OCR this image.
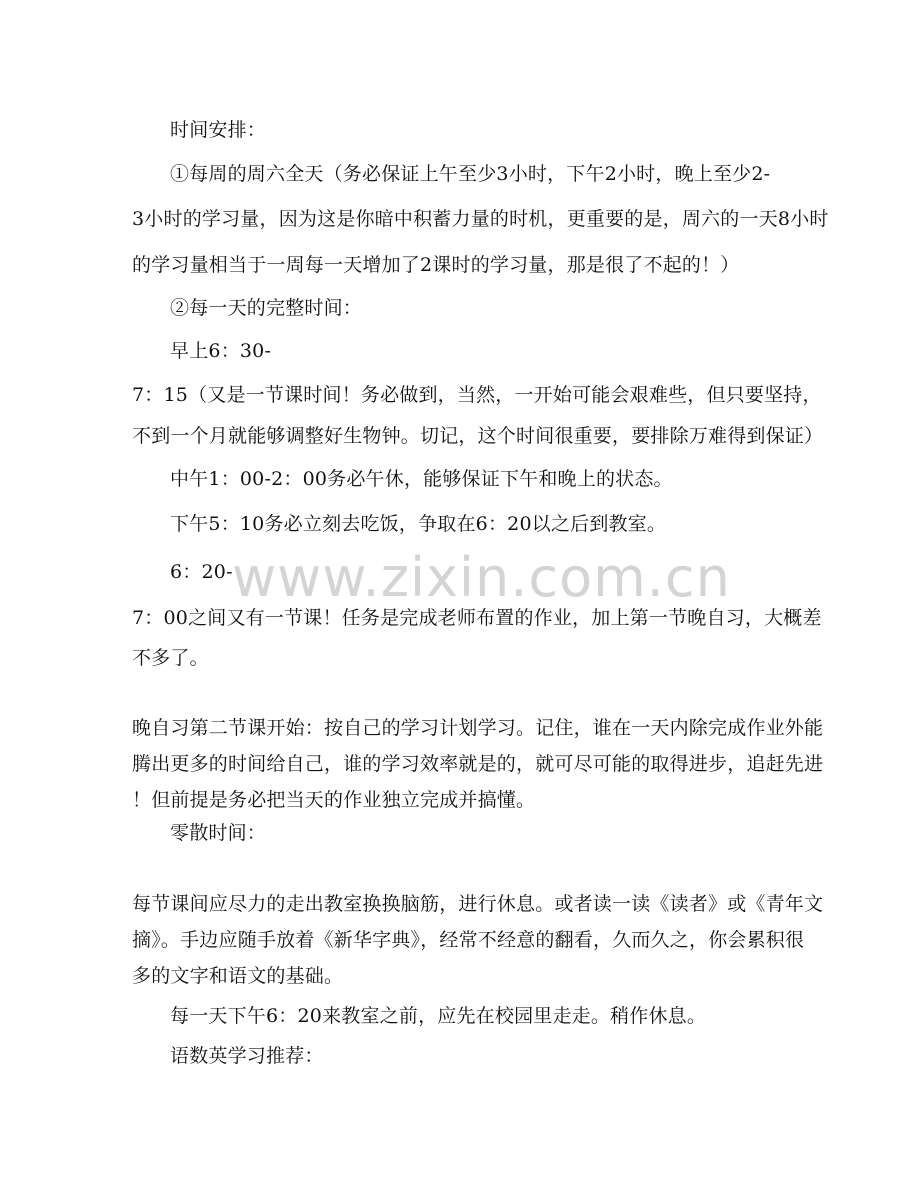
时间安排：
①每周的周六全天（务必保证上午至少3小时，下午2小时，晚上至少2-
3小时的学习量，因为这是你暗中积蓄力量的时机，更重要的是，周六的一天8小时
的学习量相当于一周每一天增加了2课时的学习量，那是很了不起的！）
②每一天的完整时间：
早上6：30-
7：15（又是一节课时间！务必做到，当然，一开始可能会艰难些，但只要坚持，
不到一个月就能够调整好生物钟。切记，这个时间很重要，要排除万难得到保证）
中午1：00-2：00务必午休，能够保证下午和晚上的状态。
下午5：10务必立刻去吃饭，争取在6：20以之后到教室。
6：20-
7：00之间又有一节课！任务是完成老师布置的作业，加上第一节晚自习，大概差
不多了。
晚自习第二节课开始：按自己的学习计划学习。记住，谁在一天内除完成作业外能
腾出更多的时间给自己，谁的学习效率就是的，就可尽可能的取得进步，追赶先进
！但前提是务必把当天的作业独立完成并搞懂。
零散时间：
每节课间应尽力的走出教室换换脑筋，进行休息。或者读一读《读者》或《青年文
摘》。手边应随手放着《新华字典》，经常不经意的翻看，久而久之，你会累积很
多的文字和语文的基础。
每一天下午6：20来教室之前，应先在校园里走走。稍作休息。
语数英学习推荐：
www.zixin.com.cn
